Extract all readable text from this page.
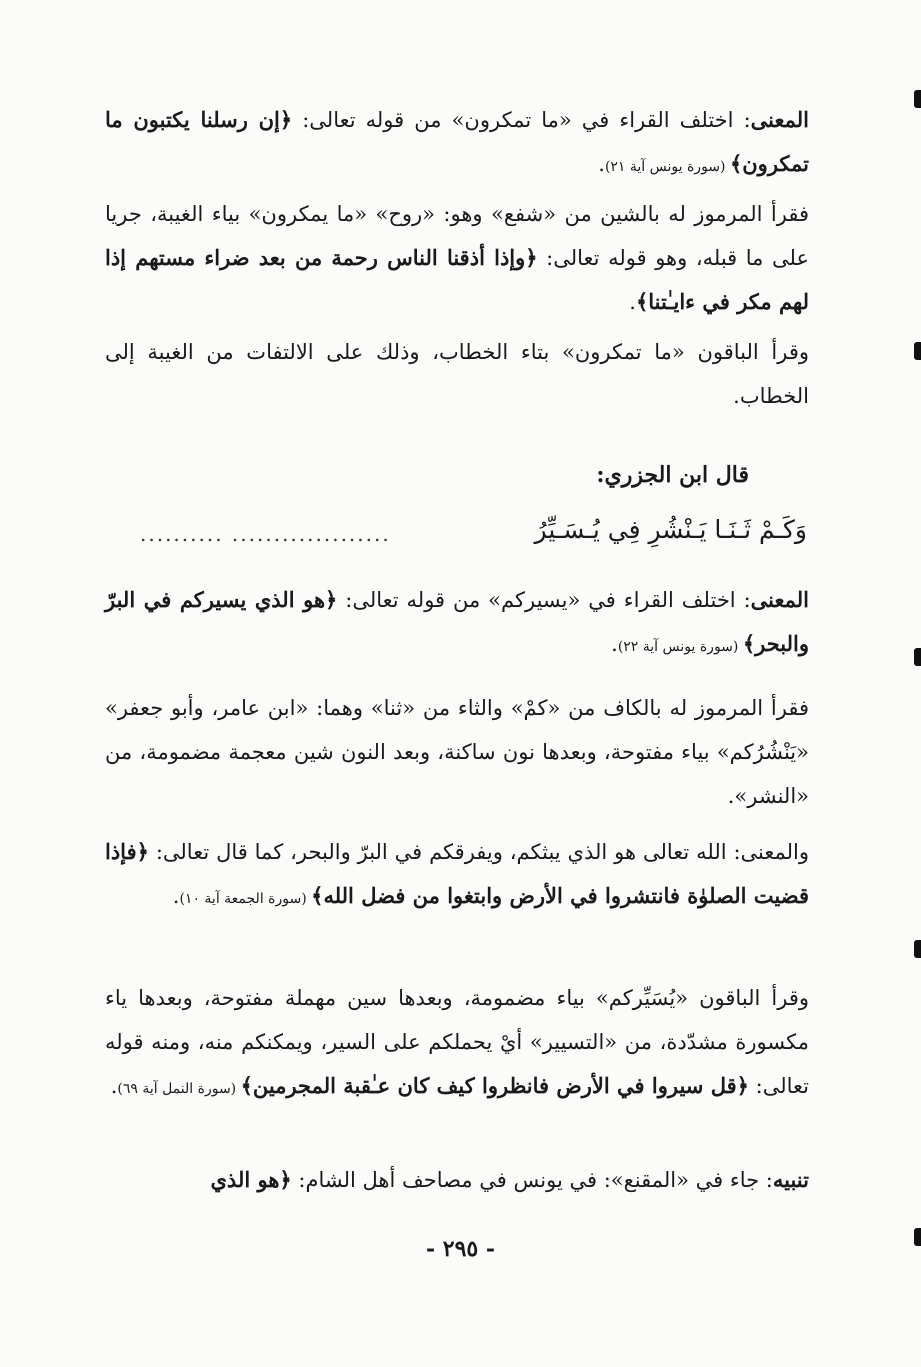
المعنى: اختلف القراء في «ما تمكرون» من قوله تعالى: ﴿إن رسلنا يكتبون ما تمكرون﴾ (سورة يونس آية ٢١).

فقرأ المرموز له بالشين من «شفع» وهو: «روح» «ما يمكرون» بياء الغيبة، جريا على ما قبله، وهو قوله تعالى: ﴿وإذا أذقنا الناس رحمة من بعد ضراء مستهم إذا لهم مكر في ءايـٰتنا﴾.

وقرأ الباقون «ما تمكرون» بتاء الخطاب، وذلك على الالتفات من الغيبة إلى الخطاب.

قال ابن الجزري:

وَكَـمْ ثَـنَـا يَـنْشُرِ فِي يُـسَـيِّرُ

.......... ...................

المعنى: اختلف القراء في «يسيركم» من قوله تعالى: ﴿هو الذي يسيركم في البرّ والبحر﴾ (سورة يونس آية ٢٢).

فقرأ المرموز له بالكاف من «كمْ» والثاء من «ثنا» وهما: «ابن عامر، وأبو جعفر» «يَنْشُرُكم» بياء مفتوحة، وبعدها نون ساكنة، وبعد النون شين معجمة مضمومة، من «النشر».

والمعنى: الله تعالى هو الذي يبثكم، ويفرقكم في البرّ والبحر، كما قال تعالى: ﴿فإذا قضيت الصلوٰة فانتشروا في الأرض وابتغوا من فضل الله﴾ (سورة الجمعة آية ١٠).

وقرأ الباقون «يُسَيِّركم» بياء مضمومة، وبعدها سين مهملة مفتوحة، وبعدها ياء مكسورة مشدّدة، من «التسيير» أيْ يحملكم على السير، ويمكنكم منه، ومنه قوله تعالى: ﴿قل سيروا في الأرض فانظروا كيف كان عـٰقبة المجرمين﴾ (سورة النمل آية ٦٩).

تنبيه: جاء في «المقنع»: في يونس في مصاحف أهل الشام: ﴿هو الذي

- ٢٩٥ -
